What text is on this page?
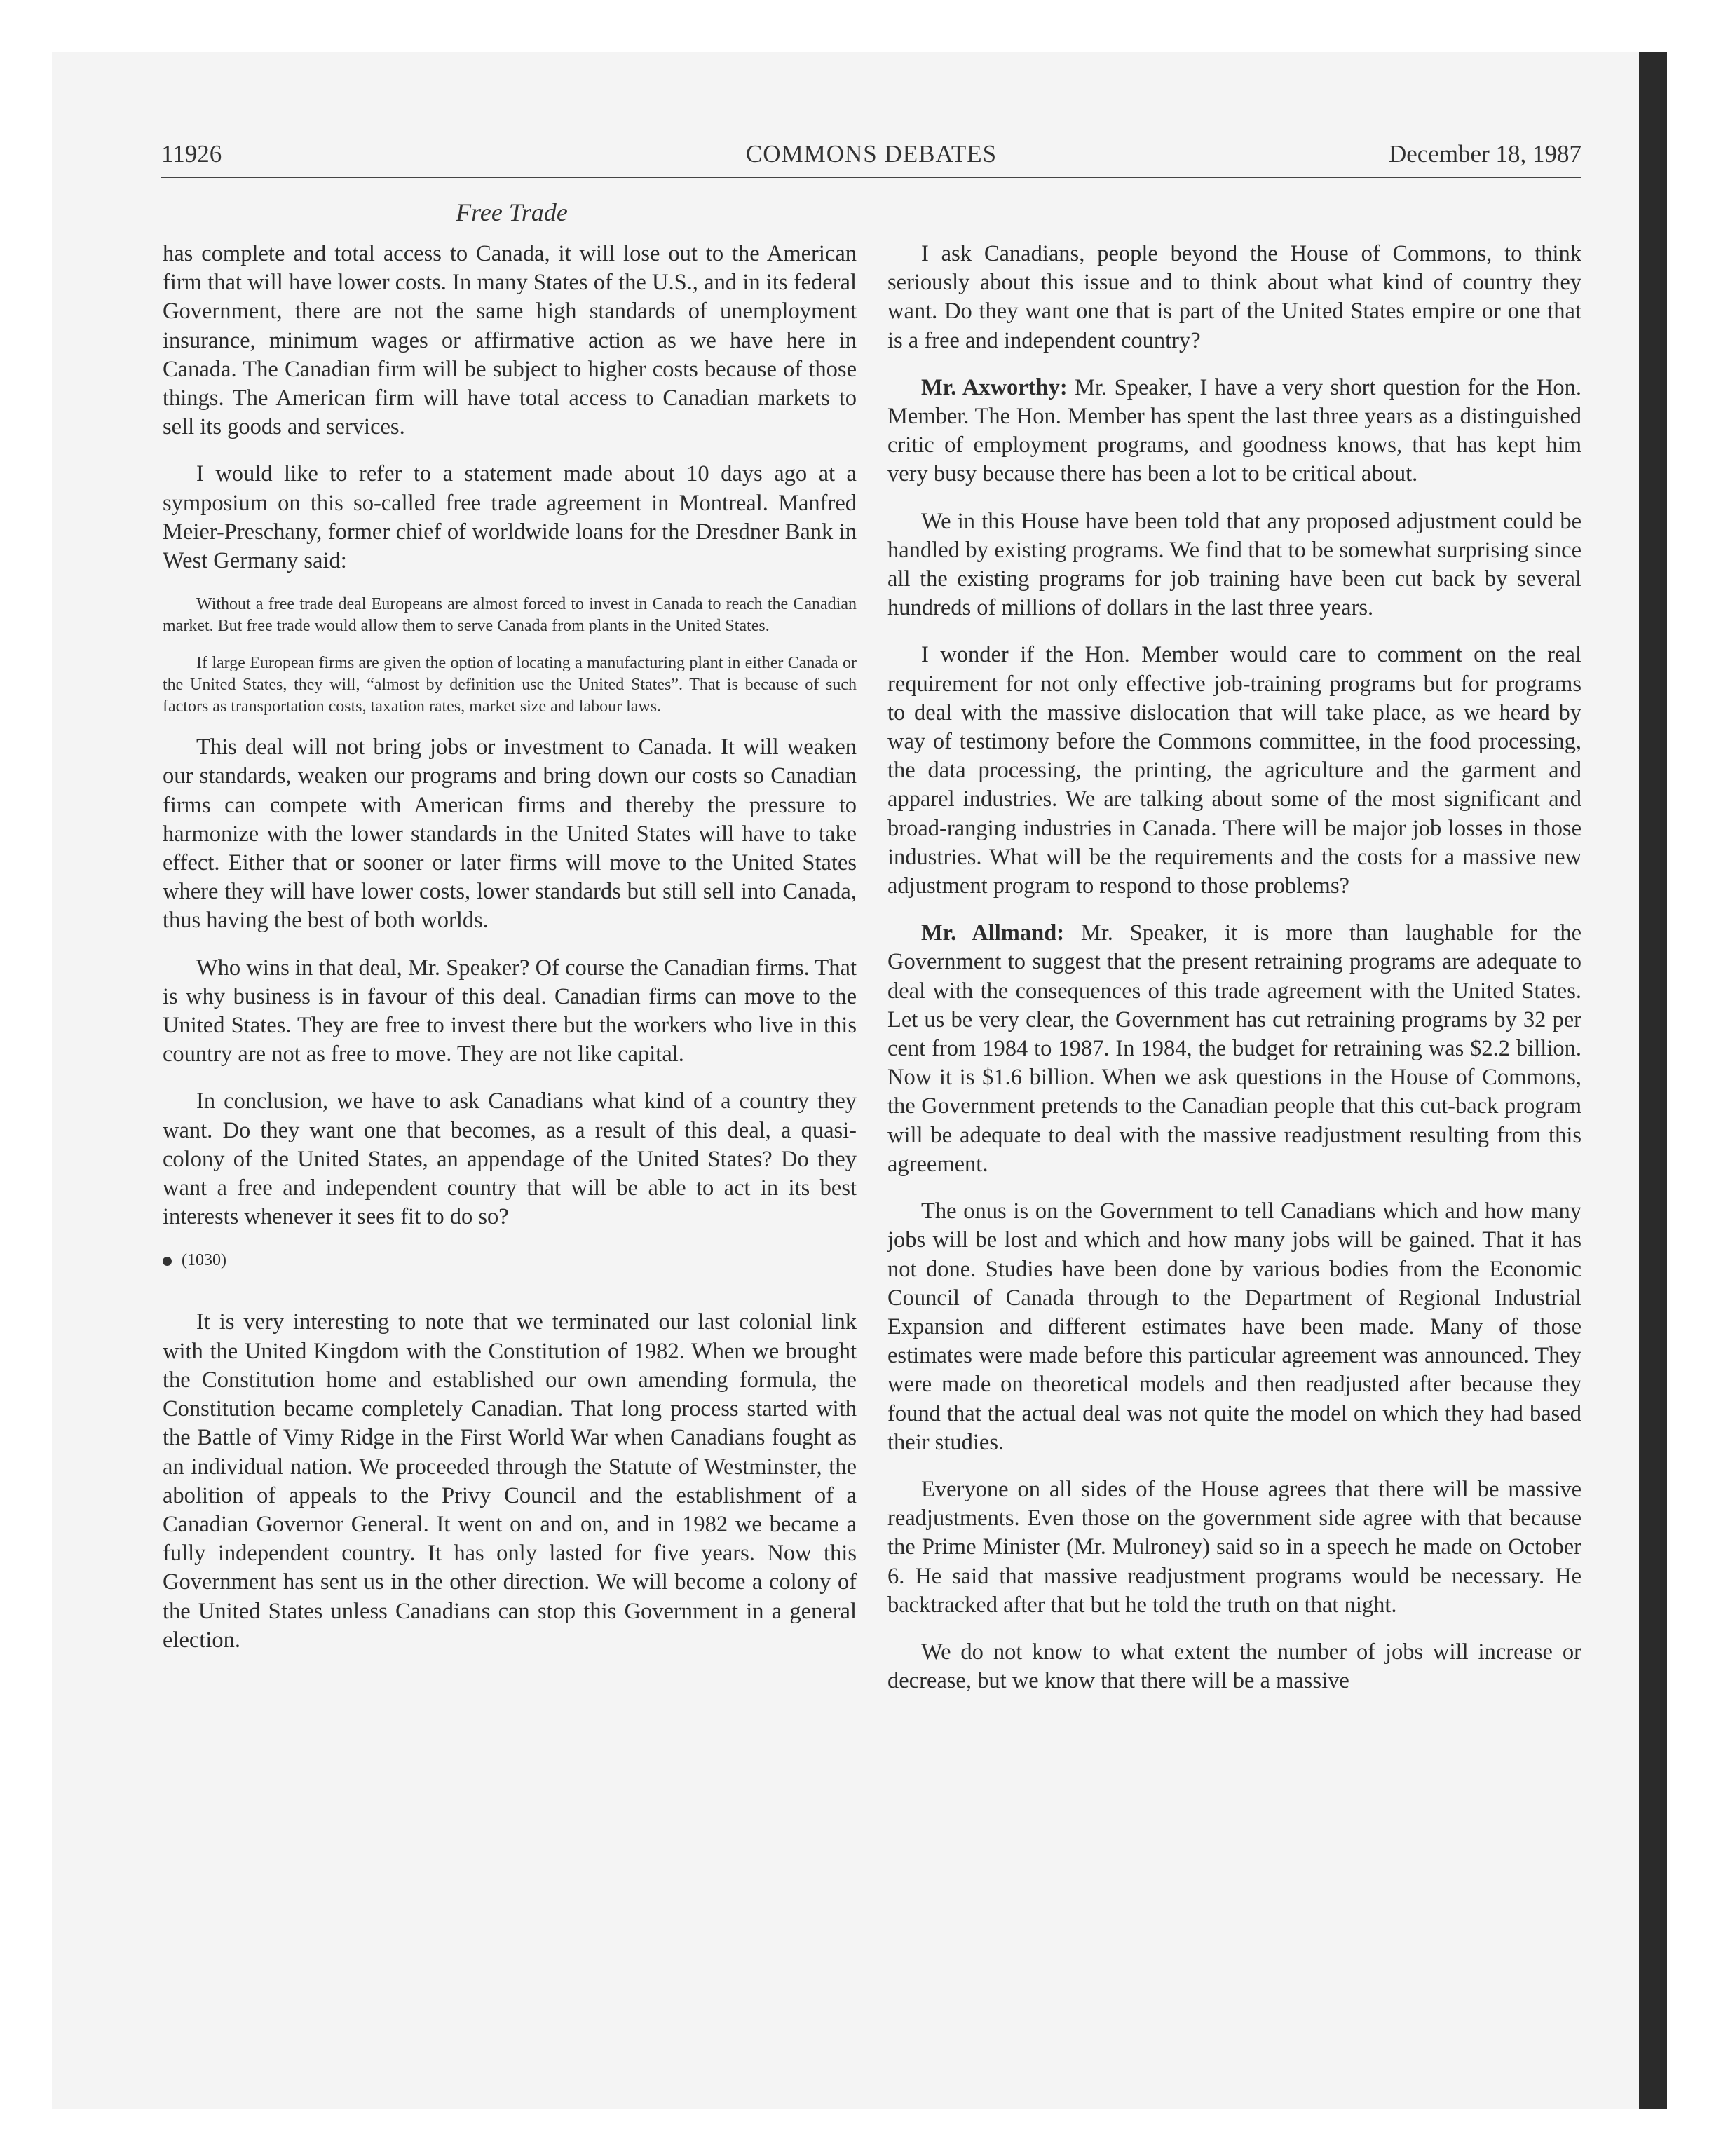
11926	COMMONS DEBATES	December 18, 1987
Free Trade

has complete and total access to Canada, it will lose out to the American firm that will have lower costs. In many States of the U.S., and in its federal Government, there are not the same high standards of unemployment insurance, minimum wages or affirmative action as we have here in Canada. The Canadian firm will be subject to higher costs because of those things. The American firm will have total access to Canadian markets to sell its goods and services.

I would like to refer to a statement made about 10 days ago at a symposium on this so-called free trade agreement in Montreal. Manfred Meier-Preschany, former chief of worldwide loans for the Dresdner Bank in West Germany said:

Without a free trade deal Europeans are almost forced to invest in Canada to reach the Canadian market. But free trade would allow them to serve Canada from plants in the United States.
If large European firms are given the option of locating a manufacturing plant in either Canada or the United States, they will, “almost by definition use the United States”. That is because of such factors as transportation costs, taxation rates, market size and labour laws.

This deal will not bring jobs or investment to Canada. It will weaken our standards, weaken our programs and bring down our costs so Canadian firms can compete with American firms and thereby the pressure to harmonize with the lower standards in the United States will have to take effect. Either that or sooner or later firms will move to the United States where they will have lower costs, lower standards but still sell into Canada, thus having the best of both worlds.

Who wins in that deal, Mr. Speaker? Of course the Canadian firms. That is why business is in favour of this deal. Canadian firms can move to the United States. They are free to invest there but the workers who live in this country are not as free to move. They are not like capital.

In conclusion, we have to ask Canadians what kind of a country they want. Do they want one that becomes, as a result of this deal, a quasi-colony of the United States, an appendage of the United States? Do they want a free and independent country that will be able to act in its best interests whenever it sees fit to do so?

(1030)

It is very interesting to note that we terminated our last colonial link with the United Kingdom with the Constitution of 1982. When we brought the Constitution home and established our own amending formula, the Constitution became completely Canadian. That long process started with the Battle of Vimy Ridge in the First World War when Canadians fought as an individual nation. We proceeded through the Statute of Westminster, the abolition of appeals to the Privy Council and the establishment of a Canadian Governor General. It went on and on, and in 1982 we became a fully independent country. It has only lasted for five years. Now this Government has sent us in the other direction. We will become a colony of the United States unless Canadians can stop this Government in a general election.

I ask Canadians, people beyond the House of Commons, to think seriously about this issue and to think about what kind of country they want. Do they want one that is part of the United States empire or one that is a free and independent country?

Mr. Axworthy: Mr. Speaker, I have a very short question for the Hon. Member. The Hon. Member has spent the last three years as a distinguished critic of employment programs, and goodness knows, that has kept him very busy because there has been a lot to be critical about.

We in this House have been told that any proposed adjustment could be handled by existing programs. We find that to be somewhat surprising since all the existing programs for job training have been cut back by several hundreds of millions of dollars in the last three years.

I wonder if the Hon. Member would care to comment on the real requirement for not only effective job-training programs but for programs to deal with the massive dislocation that will take place, as we heard by way of testimony before the Commons committee, in the food processing, the data processing, the printing, the agriculture and the garment and apparel industries. We are talking about some of the most significant and broad-ranging industries in Canada. There will be major job losses in those industries. What will be the requirements and the costs for a massive new adjustment program to respond to those problems?

Mr. Allmand: Mr. Speaker, it is more than laughable for the Government to suggest that the present retraining programs are adequate to deal with the consequences of this trade agreement with the United States. Let us be very clear, the Government has cut retraining programs by 32 per cent from 1984 to 1987. In 1984, the budget for retraining was $2.2 billion. Now it is $1.6 billion. When we ask questions in the House of Commons, the Government pretends to the Canadian people that this cut-back program will be adequate to deal with the massive readjustment resulting from this agreement.

The onus is on the Government to tell Canadians which and how many jobs will be lost and which and how many jobs will be gained. That it has not done. Studies have been done by various bodies from the Economic Council of Canada through to the Department of Regional Industrial Expansion and different estimates have been made. Many of those estimates were made before this particular agreement was announced. They were made on theoretical models and then readjusted after because they found that the actual deal was not quite the model on which they had based their studies.

Everyone on all sides of the House agrees that there will be massive readjustments. Even those on the government side agree with that because the Prime Minister (Mr. Mulroney) said so in a speech he made on October 6. He said that massive readjustment programs would be necessary. He backtracked after that but he told the truth on that night.

We do not know to what extent the number of jobs will increase or decrease, but we know that there will be a massive
